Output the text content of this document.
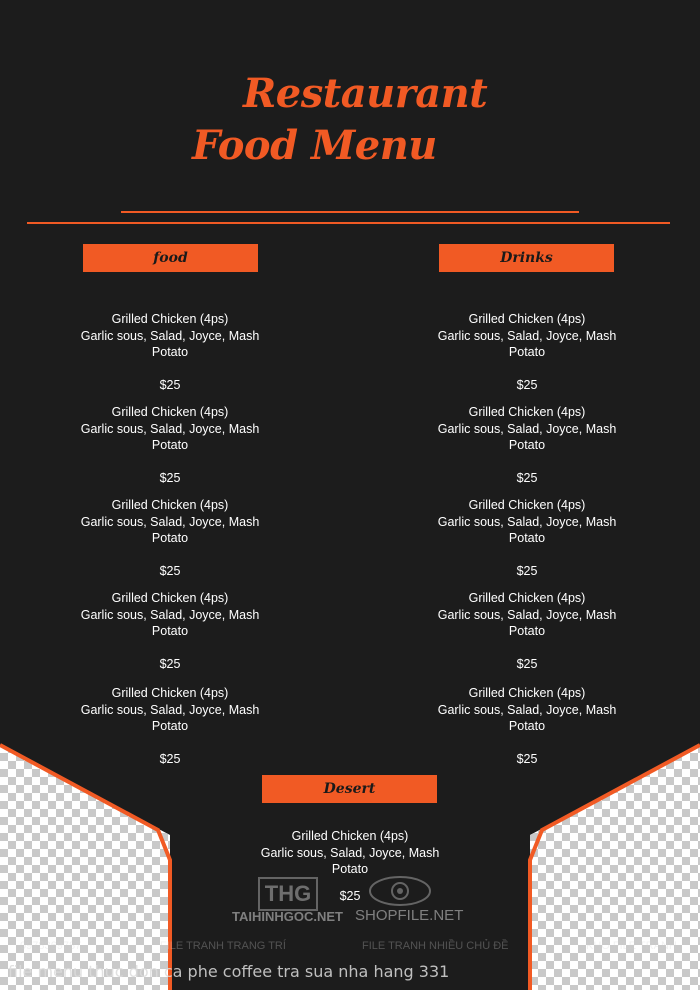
Restaurant
Food Menu
food	Drinks
Desert
Grilled Chicken (4ps)
Garlic sous, Salad, Joyce, Mash Potato
$25
Grilled Chicken (4ps)
Garlic sous, Salad, Joyce, Mash Potato
$25
Grilled Chicken (4ps)
Garlic sous, Salad, Joyce, Mash Potato
$25
Grilled Chicken (4ps)
Garlic sous, Salad, Joyce, Mash Potato
$25
Grilled Chicken (4ps)
Garlic sous, Salad, Joyce, Mash Potato
$25
Grilled Chicken (4ps)
Garlic sous, Salad, Joyce, Mash Potato
$25
Grilled Chicken (4ps)
Garlic sous, Salad, Joyce, Mash Potato
$25
Grilled Chicken (4ps)
Garlic sous, Salad, Joyce, Mash Potato
$25
Grilled Chicken (4ps)
Garlic sous, Salad, Joyce, Mash Potato
$25
Grilled Chicken (4ps)
Garlic sous, Salad, Joyce, Mash Potato
$25
Grilled Chicken (4ps)
Garlic sous, Salad, Joyce, Mash Potato
$25
THG
TAIHINHGOC.NET SHOPFILE.NET
0978369787	FILE TRANH TRANG TRÍ	FILE TRANH NHIỀU CHỦ ĐỀ	KHO FILE TRANH
file menu thuc don ca phe coffee tra sua nha hang 331
